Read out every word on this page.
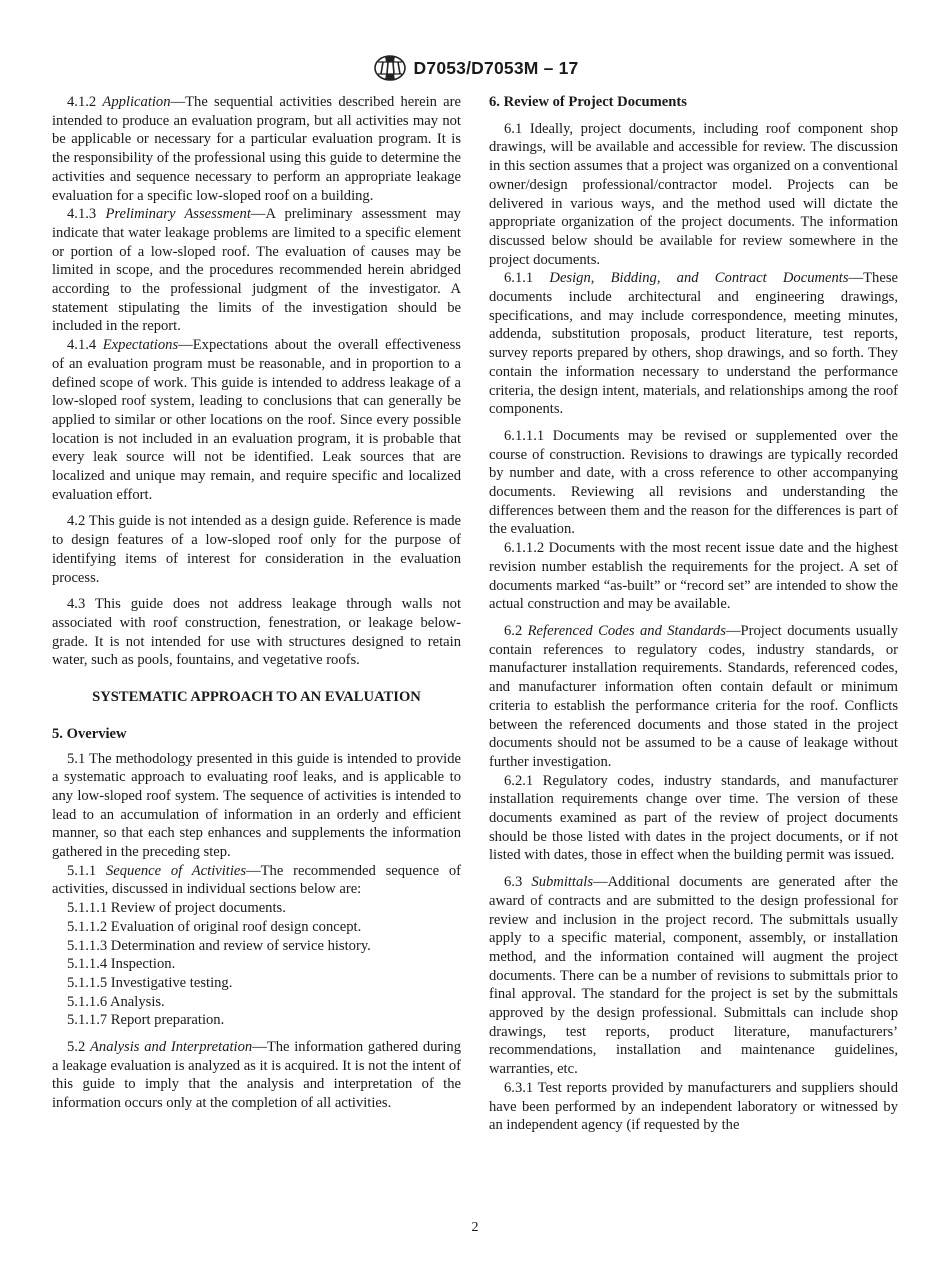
D7053/D7053M – 17

4.1.2 Application—The sequential activities described herein are intended to produce an evaluation program, but all activities may not be applicable or necessary for a particular evaluation program. It is the responsibility of the professional using this guide to determine the activities and sequence necessary to perform an appropriate leakage evaluation for a specific low-sloped roof on a building.

4.1.3 Preliminary Assessment—A preliminary assessment may indicate that water leakage problems are limited to a specific element or portion of a low-sloped roof. The evaluation of causes may be limited in scope, and the procedures recommended herein abridged according to the professional judgment of the investigator. A statement stipulating the limits of the investigation should be included in the report.

4.1.4 Expectations—Expectations about the overall effectiveness of an evaluation program must be reasonable, and in proportion to a defined scope of work. This guide is intended to address leakage of a low-sloped roof system, leading to conclusions that can generally be applied to similar or other locations on the roof. Since every possible location is not included in an evaluation program, it is probable that every leak source will not be identified. Leak sources that are localized and unique may remain, and require specific and localized evaluation effort.

4.2 This guide is not intended as a design guide. Reference is made to design features of a low-sloped roof only for the purpose of identifying items of interest for consideration in the evaluation process.

4.3 This guide does not address leakage through walls not associated with roof construction, fenestration, or leakage below-grade. It is not intended for use with structures designed to retain water, such as pools, fountains, and vegetative roofs.

SYSTEMATIC APPROACH TO AN EVALUATION

5. Overview

5.1 The methodology presented in this guide is intended to provide a systematic approach to evaluating roof leaks, and is applicable to any low-sloped roof system. The sequence of activities is intended to lead to an accumulation of information in an orderly and efficient manner, so that each step enhances and supplements the information gathered in the preceding step.

5.1.1 Sequence of Activities—The recommended sequence of activities, discussed in individual sections below are:

5.1.1.1 Review of project documents.
5.1.1.2 Evaluation of original roof design concept.
5.1.1.3 Determination and review of service history.
5.1.1.4 Inspection.
5.1.1.5 Investigative testing.
5.1.1.6 Analysis.
5.1.1.7 Report preparation.

5.2 Analysis and Interpretation—The information gathered during a leakage evaluation is analyzed as it is acquired. It is not the intent of this guide to imply that the analysis and interpretation of the information occurs only at the completion of all activities.

6. Review of Project Documents

6.1 Ideally, project documents, including roof component shop drawings, will be available and accessible for review. The discussion in this section assumes that a project was organized on a conventional owner/design professional/contractor model. Projects can be delivered in various ways, and the method used will dictate the appropriate organization of the project documents. The information discussed below should be available for review somewhere in the project documents.

6.1.1 Design, Bidding, and Contract Documents—These documents include architectural and engineering drawings, specifications, and may include correspondence, meeting minutes, addenda, substitution proposals, product literature, test reports, survey reports prepared by others, shop drawings, and so forth. They contain the information necessary to understand the performance criteria, the design intent, materials, and relationships among the roof components.

6.1.1.1 Documents may be revised or supplemented over the course of construction. Revisions to drawings are typically recorded by number and date, with a cross reference to other accompanying documents. Reviewing all revisions and understanding the differences between them and the reason for the differences is part of the evaluation.

6.1.1.2 Documents with the most recent issue date and the highest revision number establish the requirements for the project. A set of documents marked “as-built” or “record set” are intended to show the actual construction and may be available.

6.2 Referenced Codes and Standards—Project documents usually contain references to regulatory codes, industry standards, or manufacturer installation requirements. Standards, referenced codes, and manufacturer information often contain default or minimum criteria to establish the performance criteria for the roof. Conflicts between the referenced documents and those stated in the project documents should not be assumed to be a cause of leakage without further investigation.

6.2.1 Regulatory codes, industry standards, and manufacturer installation requirements change over time. The version of these documents examined as part of the review of project documents should be those listed with dates in the project documents, or if not listed with dates, those in effect when the building permit was issued.

6.3 Submittals—Additional documents are generated after the award of contracts and are submitted to the design professional for review and inclusion in the project record. The submittals usually apply to a specific material, component, assembly, or installation method, and the information contained will augment the project documents. There can be a number of revisions to submittals prior to final approval. The standard for the project is set by the submittals approved by the design professional. Submittals can include shop drawings, test reports, product literature, manufacturers’ recommendations, installation and maintenance guidelines, warranties, etc.

6.3.1 Test reports provided by manufacturers and suppliers should have been performed by an independent laboratory or witnessed by an independent agency (if requested by the

2
